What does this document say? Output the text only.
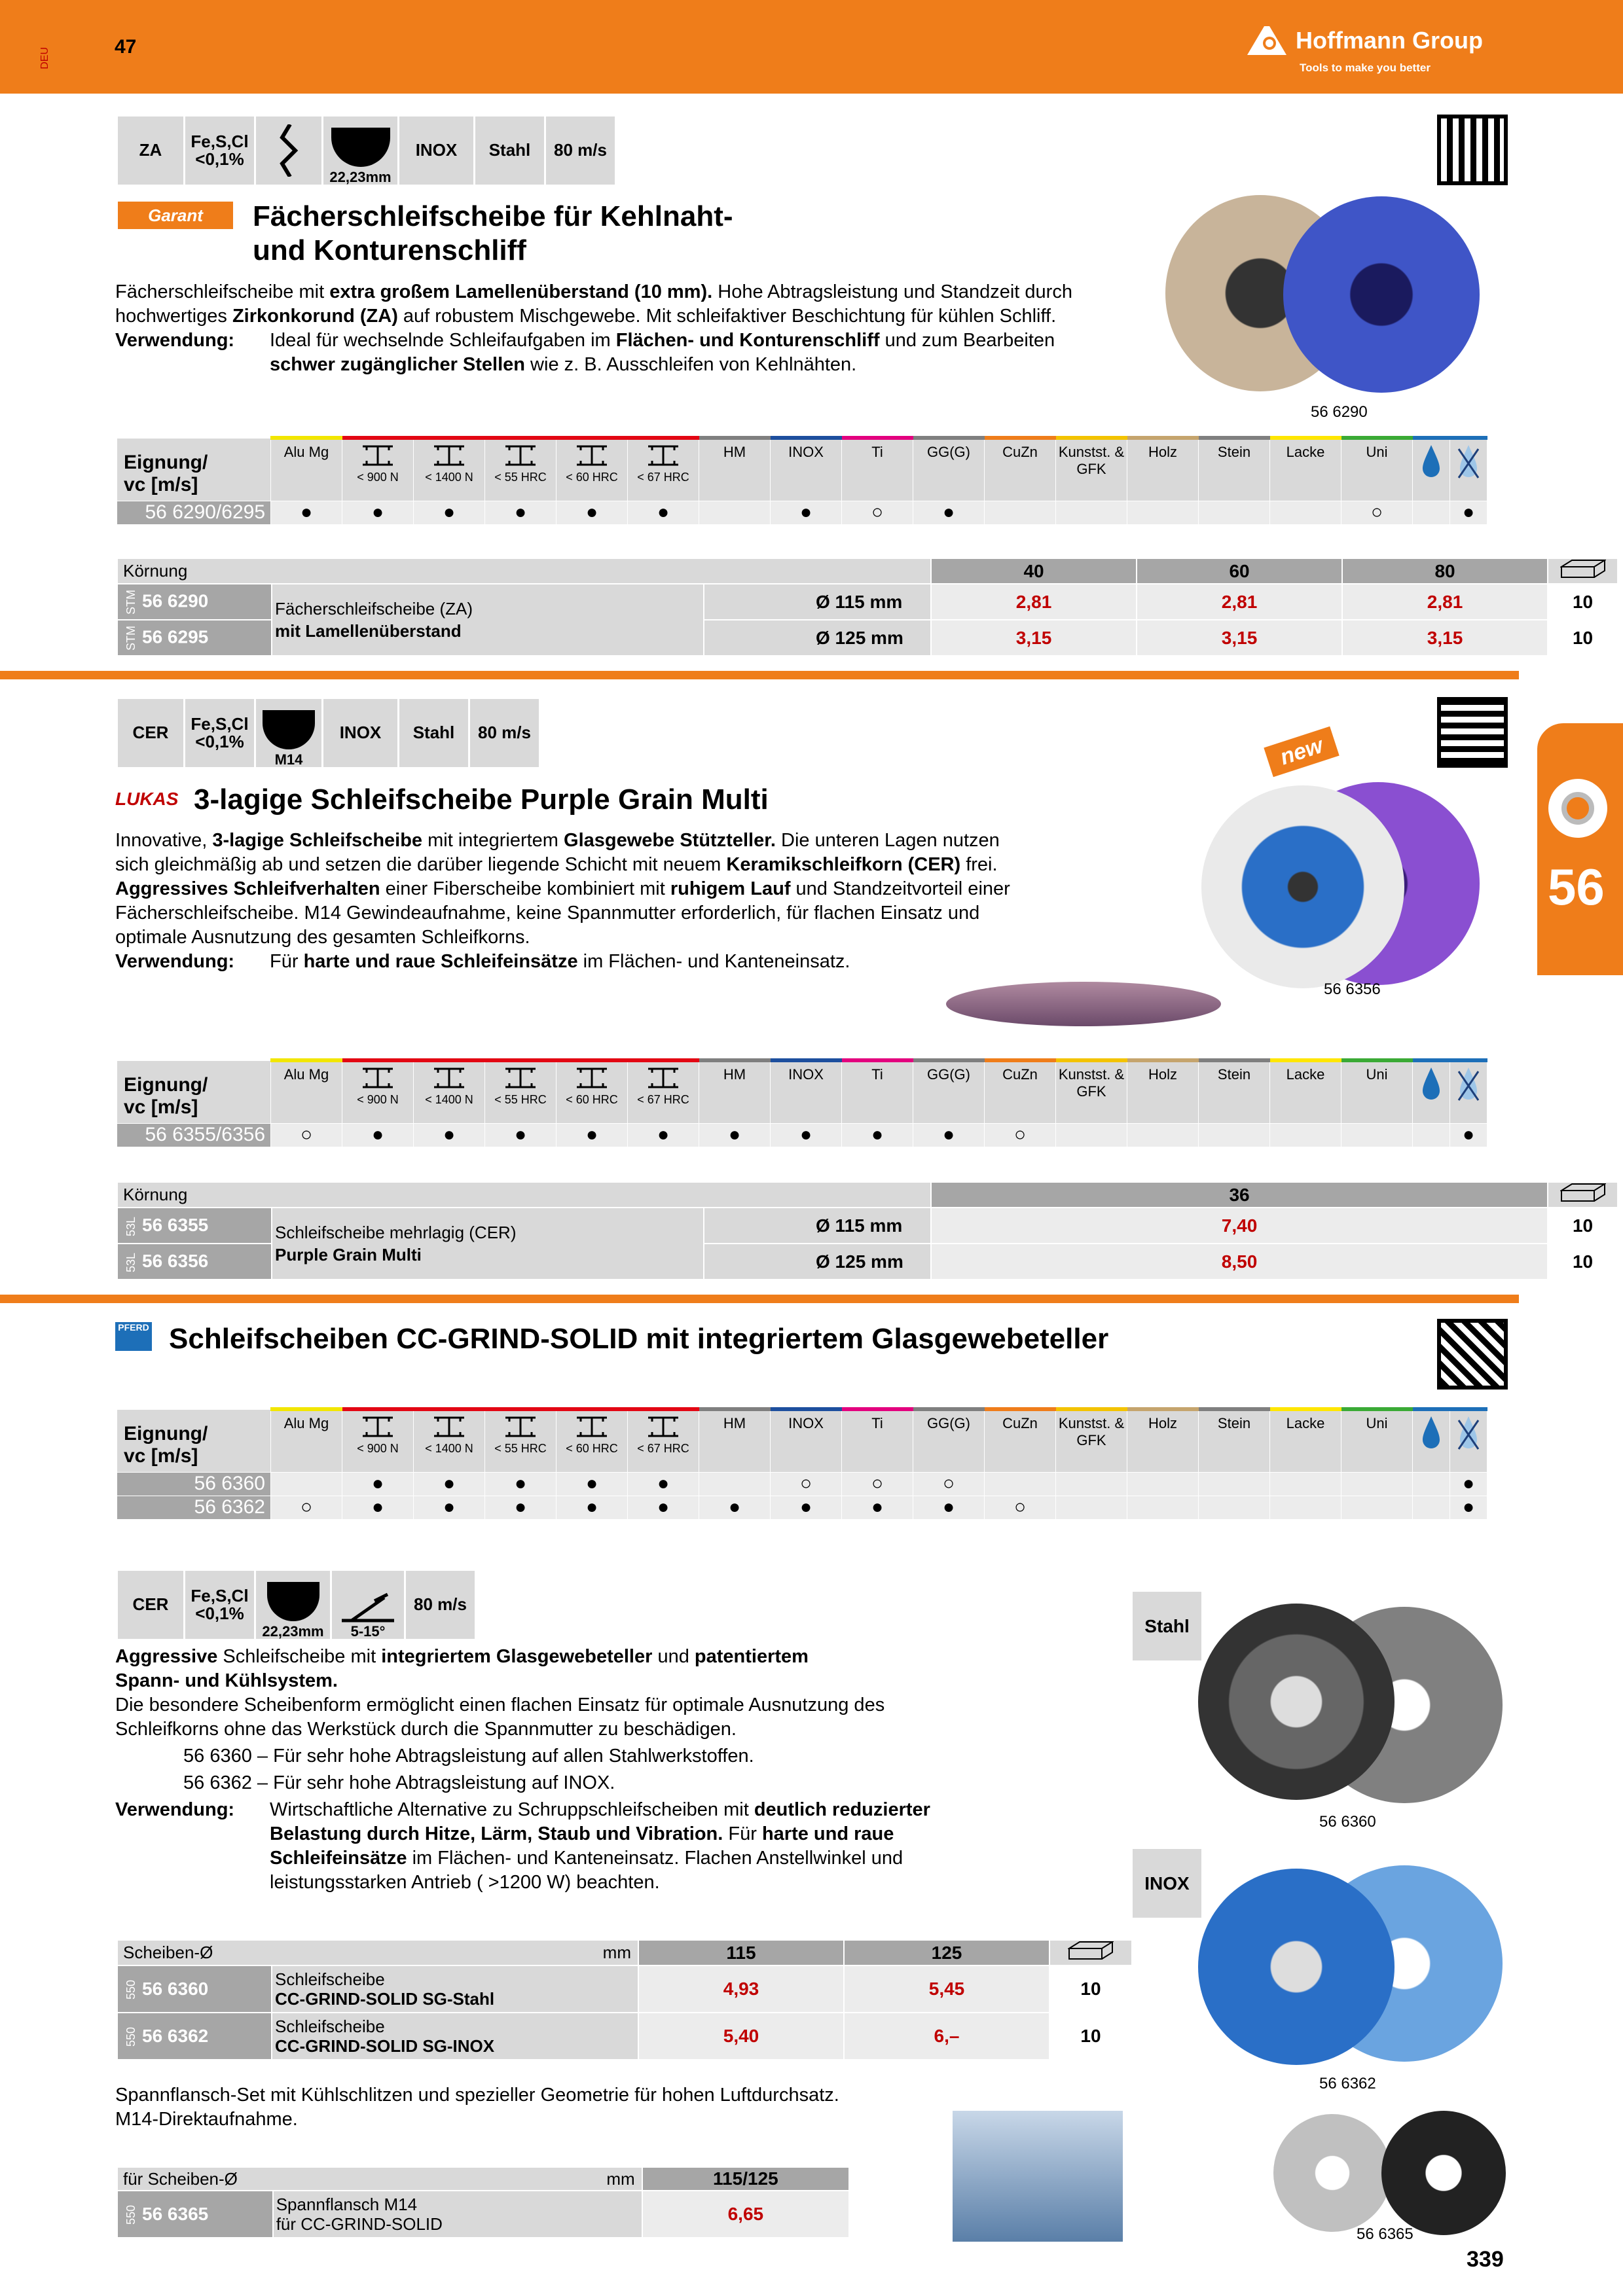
DEU
47	Hoffmann Group
Tools to make you better
56
ZA	Fe,S,Cl <0,1%
22,23mm
INOX	Stahl	80 m/s
Garant	Fächerschleifscheibe für Kehlnaht-
und Konturenschliff
Fächerschleifscheibe mit extra großem Lamellenüberstand (10 mm). Hohe Abtragsleistung und Standzeit durch
hochwertiges Zirkonkorund (ZA) auf robustem Mischgewebe. Mit schleifaktiver Beschichtung für kühlen Schliff.
Verwendung: Ideal für wechselnde Schleifaufgaben im Flächen- und Konturenschliff und zum Bearbeiten
schwer zugänglicher Stellen wie z. B. Ausschleifen von Kehlnähten.
56 6290
Eignung/
vc [m/s]	Alu Mg	< 900 N	< 1400 N	< 55 HRC	< 60 HRC	< 67 HRC	HM	INOX	Ti	GG(G)	CuZn	Kunstst. & GFK	Holz	Stein	Lacke	Uni

56 6290/6295	●	●	●	●	●	●		●	○	●						○		●
Körnung			40	60	80	
STM 56 6290	Fächerschleifscheibe (ZA)
mit Lamellenüberstand	Ø 115 mm	2,81	2,81	2,81	10
STM 56 6295		Ø 125 mm	3,15	3,15	3,15	10
CER	Fe,S,Cl <0,1%
M14
INOX	Stahl	80 m/s
LUKAS 3-lagige Schleifscheibe Purple Grain Multi
Innovative, 3-lagige Schleifscheibe mit integriertem Glasgewebe Stützteller. Die unteren Lagen nutzen
sich gleichmäßig ab und setzen die darüber liegende Schicht mit neuem Keramikschleifkorn (CER) frei.
Aggressives Schleifverhalten einer Fiberscheibe kombiniert mit ruhigem Lauf und Standzeitvorteil einer
Fächerschleifscheibe. M14 Gewindeaufnahme, keine Spannmutter erforderlich, für flachen Einsatz und
optimale Ausnutzung des gesamten Schleifkorns.
Verwendung: Für harte und raue Schleifeinsätze im Flächen- und Kanteneinsatz.
new
56 6356
Eignung/
vc [m/s]	Alu Mg	< 900 N	< 1400 N	< 55 HRC	< 60 HRC	< 67 HRC	HM	INOX	Ti	GG(G)	CuZn	Kunstst. & GFK	Holz	Stein	Lacke	Uni

56 6355/6356	○	●	●	●	●	●	●	●	●	●	○							●
Körnung			36	
53L 56 6355	Schleifscheibe mehrlagig (CER)
Purple Grain Multi	Ø 115 mm	7,40	10
53L 56 6356		Ø 125 mm	8,50	10
PFERD Schleifscheiben CC-GRIND-SOLID mit integriertem Glasgewebeteller
Eignung/
vc [m/s]	Alu Mg	< 900 N	< 1400 N	< 55 HRC	< 60 HRC	< 67 HRC	HM	INOX	Ti	GG(G)	CuZn	Kunstst. & GFK	Holz	Stein	Lacke	Uni

56 6360		●	●	●	●	●		○	○	○								●
56 6362	○	●	●	●	●	●	●	●	●	●	○							●
CER	Fe,S,Cl <0,1%
22,23mm 5-15°
80 m/s
Aggressive Schleifscheibe mit integriertem Glasgewebeteller und patentiertem
Spann- und Kühlsystem.
Die besondere Scheibenform ermöglicht einen flachen Einsatz für optimale Ausnutzung des
Schleifkorns ohne das Werkstück durch die Spannmutter zu beschädigen.
56 6360 – Für sehr hohe Abtragsleistung auf allen Stahlwerkstoffen.
56 6362 – Für sehr hohe Abtragsleistung auf INOX.
Verwendung: Wirtschaftliche Alternative zu Schruppschleifscheiben mit deutlich reduzierter
Belastung durch Hitze, Lärm, Staub und Vibration. Für harte und raue
Schleifeinsätze im Flächen- und Kanteneinsatz. Flachen Anstellwinkel und
leistungsstarken Antrieb ( >1200 W) beachten.
Stahl
56 6360
INOX
56 6362
56 6365
Scheiben-Ø mm		115	125	
550 56 6360	Schleifscheibe
CC-GRIND-SOLID SG-Stahl	4,93	5,45	10
550 56 6362	Schleifscheibe
CC-GRIND-SOLID SG-INOX	5,40	6,–	10
Spannflansch-Set mit Kühlschlitzen und spezieller Geometrie für hohen Luftdurchsatz.
M14-Direktaufnahme.
für Scheiben-Ø mm		115/125
550 56 6365	Spannflansch M14
für CC-GRIND-SOLID	6,65
339
